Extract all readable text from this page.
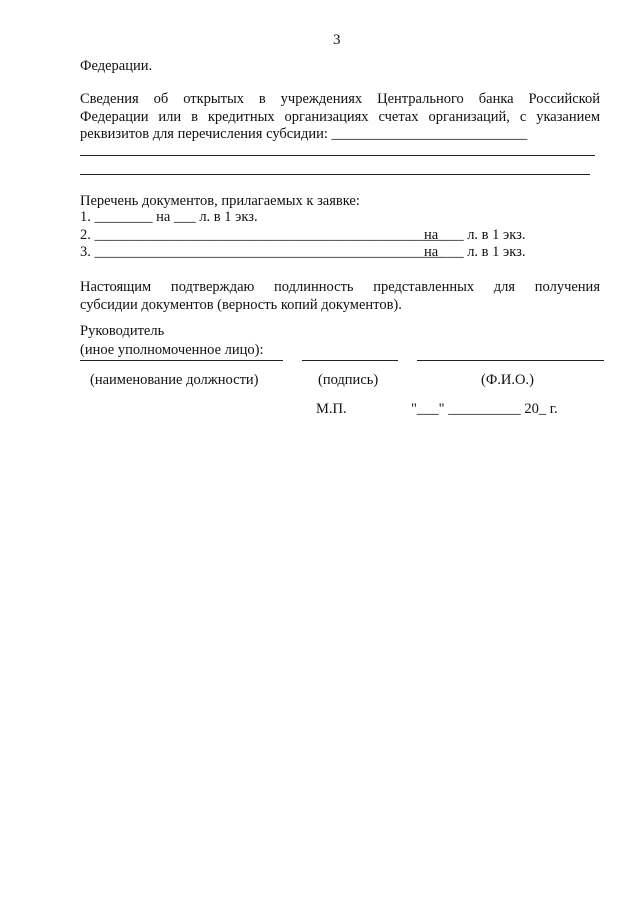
3
Федерации.
Сведения об открытых в учреждениях Центрального банка Российской
Федерации или в кредитных организациях счетах организаций, с указанием
реквизитов для перечисления субсидии: ___________________________
Перечень документов, прилагаемых к заявке:
1. ________ на ___ л. в 1 экз.
2. ________________________________________________
на ___ л. в 1 экз.
3. ________________________________________________
на ___ л. в 1 экз.
Настоящим подтверждаю подлинность представленных для получения
субсидии документов (верность копий документов).
Руководитель
(иное уполномоченное лицо):
(наименование должности)	(подпись)	(Ф.И.О.)
М.П.	"___" __________ 20_ г.
